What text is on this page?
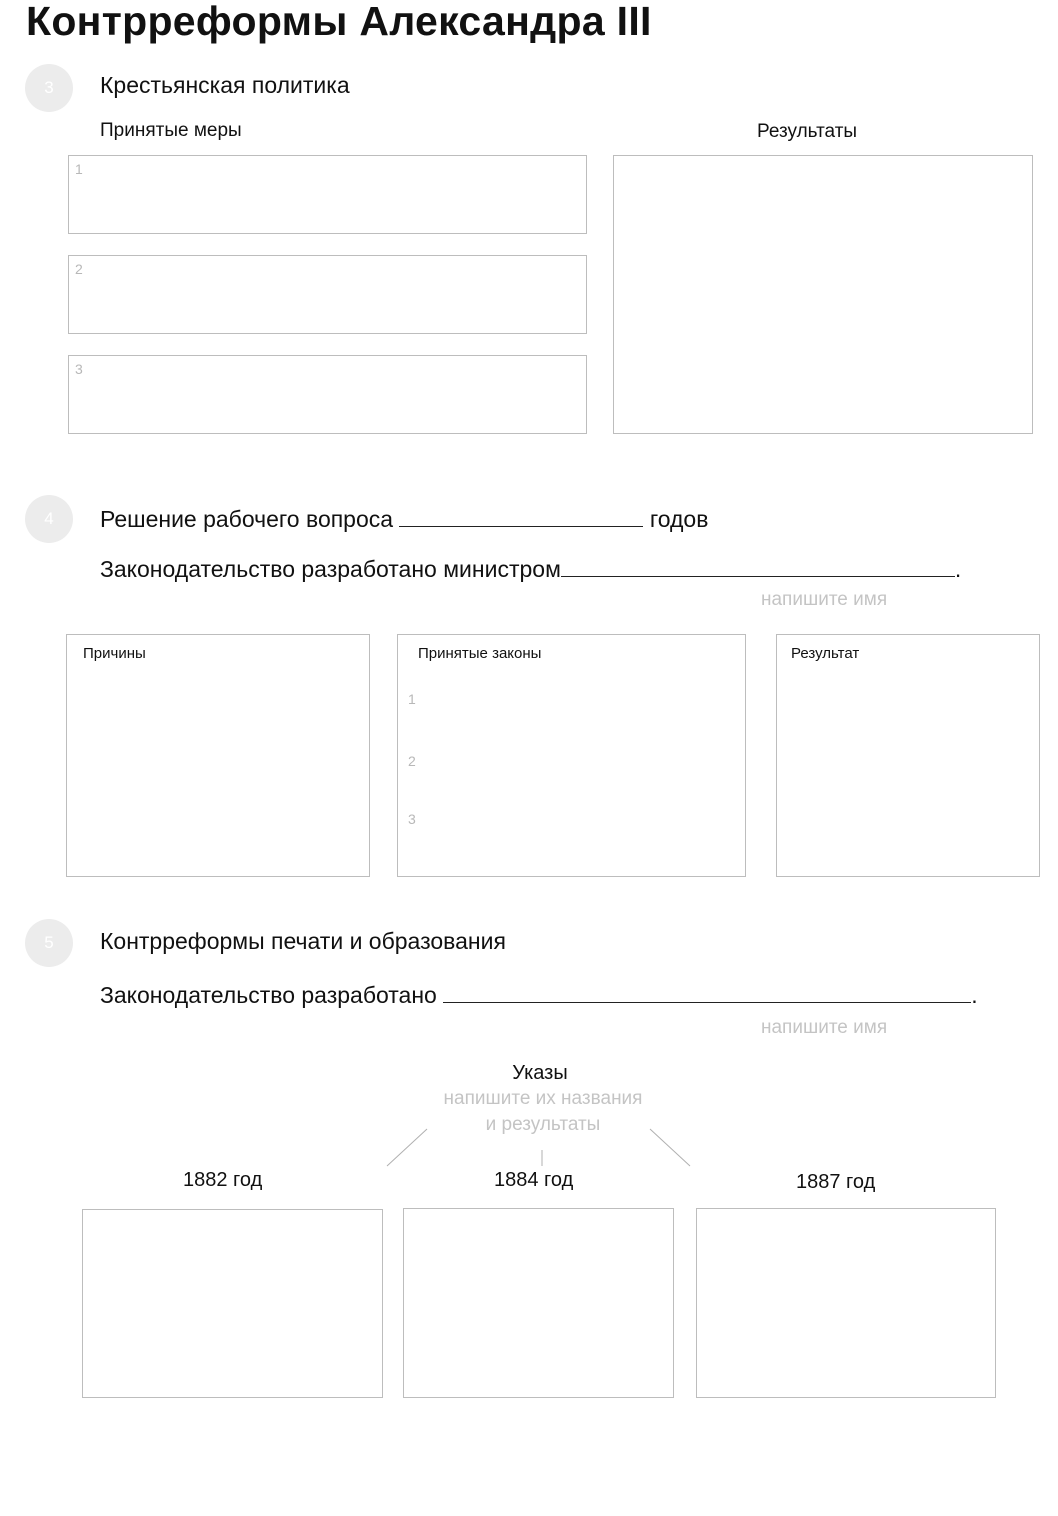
Контрреформы Александра III
3	Крестьянская политика
Принятые меры	Результаты
1
2
3
4	Решение рабочего вопроса	годов
Законодательство разработано министром	.
напишите имя
Причины	Принятые законы
1
2
3
Результат
5	Контрреформы печати и образования
Законодательство разработано	.
напишите имя
Указы
напишите их названия
и результаты
1882 год	1884 год	1887 год
